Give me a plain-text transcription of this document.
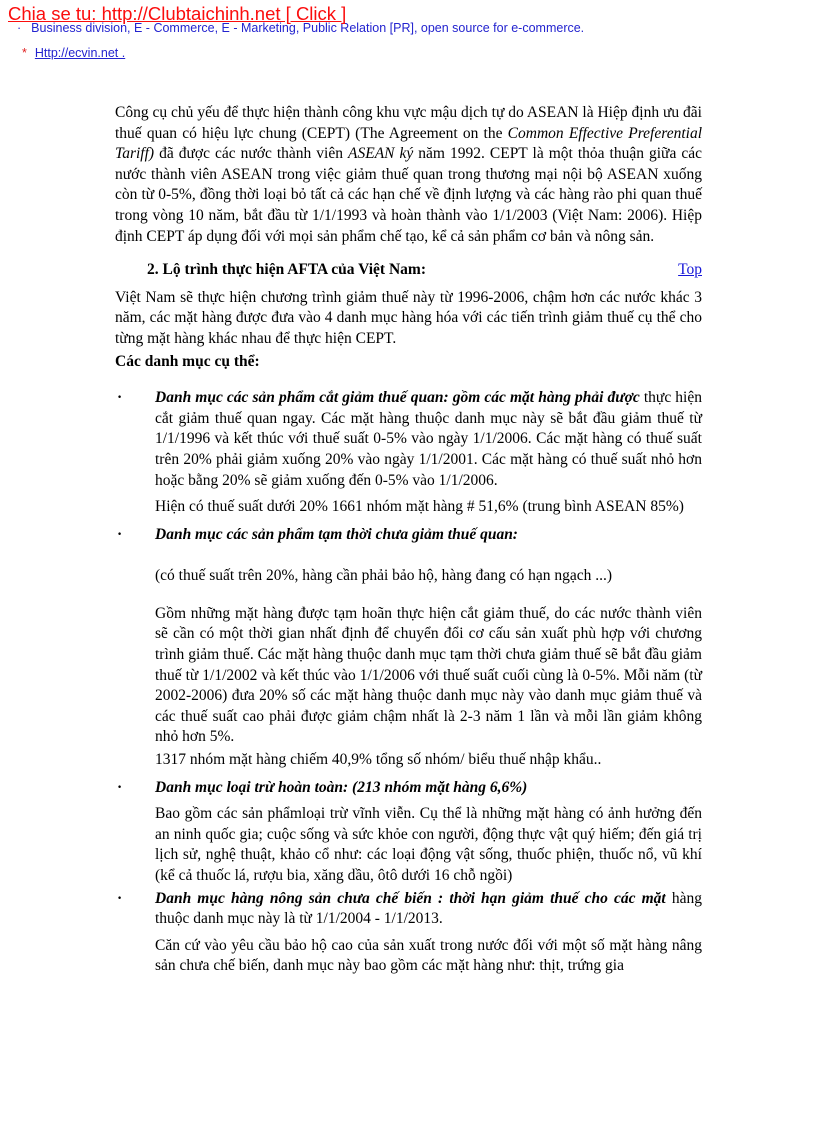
· Business division, E - Commerce, E - Marketing, Public Relation [PR], open source for e-commerce.
Chia se tu: http://Clubtaichinh.net [ Click ]
* Http://ecvin.net .

Công cụ chủ yếu để thực hiện thành công khu vực mậu dịch tự do ASEAN là Hiệp định ưu đãi thuế quan có hiệu lực chung (CEPT) (The Agreement on the Common Effective Preferential Tariff) đã được các nước thành viên ASEAN ký năm 1992. CEPT là một thỏa thuận giữa các nước thành viên ASEAN trong việc giảm thuế quan trong thương mại nội bộ ASEAN xuống còn từ 0-5%, đồng thời loại bỏ tất cả các hạn chế về định lượng và các hàng rào phi quan thuế trong vòng 10 năm, bắt đầu từ 1/1/1993 và hoàn thành vào 1/1/2003 (Việt Nam: 2006). Hiệp định CEPT áp dụng đối với mọi sản phẩm chế tạo, kể cả sản phẩm cơ bản và nông sản.

2. Lộ trình thực hiện AFTA của Việt Nam:	Top

Việt Nam sẽ thực hiện chương trình giảm thuế này từ 1996-2006, chậm hơn các nước khác 3 năm, các mặt hàng được đưa vào 4 danh mục hàng hóa với các tiến trình giảm thuế cụ thể cho từng mặt hàng khác nhau để thực hiện CEPT.

Các danh mục cụ thể:

· Danh mục các sản phẩm cắt giảm thuế quan: gồm các mặt hàng phải được thực hiện cắt giảm thuế quan ngay. Các mặt hàng thuộc danh mục này sẽ bắt đầu giảm thuế từ 1/1/1996 và kết thúc với thuế suất 0-5% vào ngày 1/1/2006. Các mặt hàng có thuế suất trên 20% phải giảm xuống 20% vào ngày 1/1/2001. Các mặt hàng có thuế suất nhỏ hơn hoặc bằng 20% sẽ giảm xuống đến 0-5% vào 1/1/2006.

Hiện có thuế suất dưới 20% 1661 nhóm mặt hàng # 51,6% (trung bình ASEAN 85%)

· Danh mục các sản phẩm tạm thời chưa giảm thuế quan:

(có thuế suất trên 20%, hàng cần phải bảo hộ, hàng đang có hạn ngạch ...)

Gồm những mặt hàng được tạm hoãn thực hiện cắt giảm thuế, do các nước thành viên sẽ cần có một thời gian nhất định để chuyển đổi cơ cấu sản xuất phù hợp với chương trình giảm thuế. Các mặt hàng thuộc danh mục tạm thời chưa giảm thuế sẽ bắt đầu giảm thuế từ 1/1/2002 và kết thúc vào 1/1/2006 với thuế suất cuối cùng là 0-5%. Mỗi năm (từ 2002-2006) đưa 20% số các mặt hàng thuộc danh mục này vào danh mục giảm thuế và các thuế suất cao phải được giảm chậm nhất là 2-3 năm 1 lần và mỗi lần giảm không nhỏ hơn 5%.

1317 nhóm mặt hàng chiếm 40,9% tổng số nhóm/ biểu thuế nhập khẩu..

· Danh mục loại trừ hoàn toàn: (213 nhóm mặt hàng 6,6%)

Bao gồm các sản phẩmloại trừ vĩnh viễn. Cụ thể là những mặt hàng có ảnh hưởng đến an ninh quốc gia; cuộc sống và sức khỏe con người, động thực vật quý hiếm; đến giá trị lịch sử, nghệ thuật, khảo cổ như: các loại động vật sống, thuốc phiện, thuốc nổ, vũ khí (kể cả thuốc lá, rượu bia, xăng dầu, ôtô dưới 16 chỗ ngồi)

· Danh mục hàng nông sản chưa chế biến : thời hạn giảm thuế cho các mặt hàng thuộc danh mục này là từ 1/1/2004 - 1/1/2013.

Căn cứ vào yêu cầu bảo hộ cao của sản xuất trong nước đối với một số mặt hàng nâng sản chưa chế biến, danh mục này bao gồm các mặt hàng như: thịt, trứng gia
